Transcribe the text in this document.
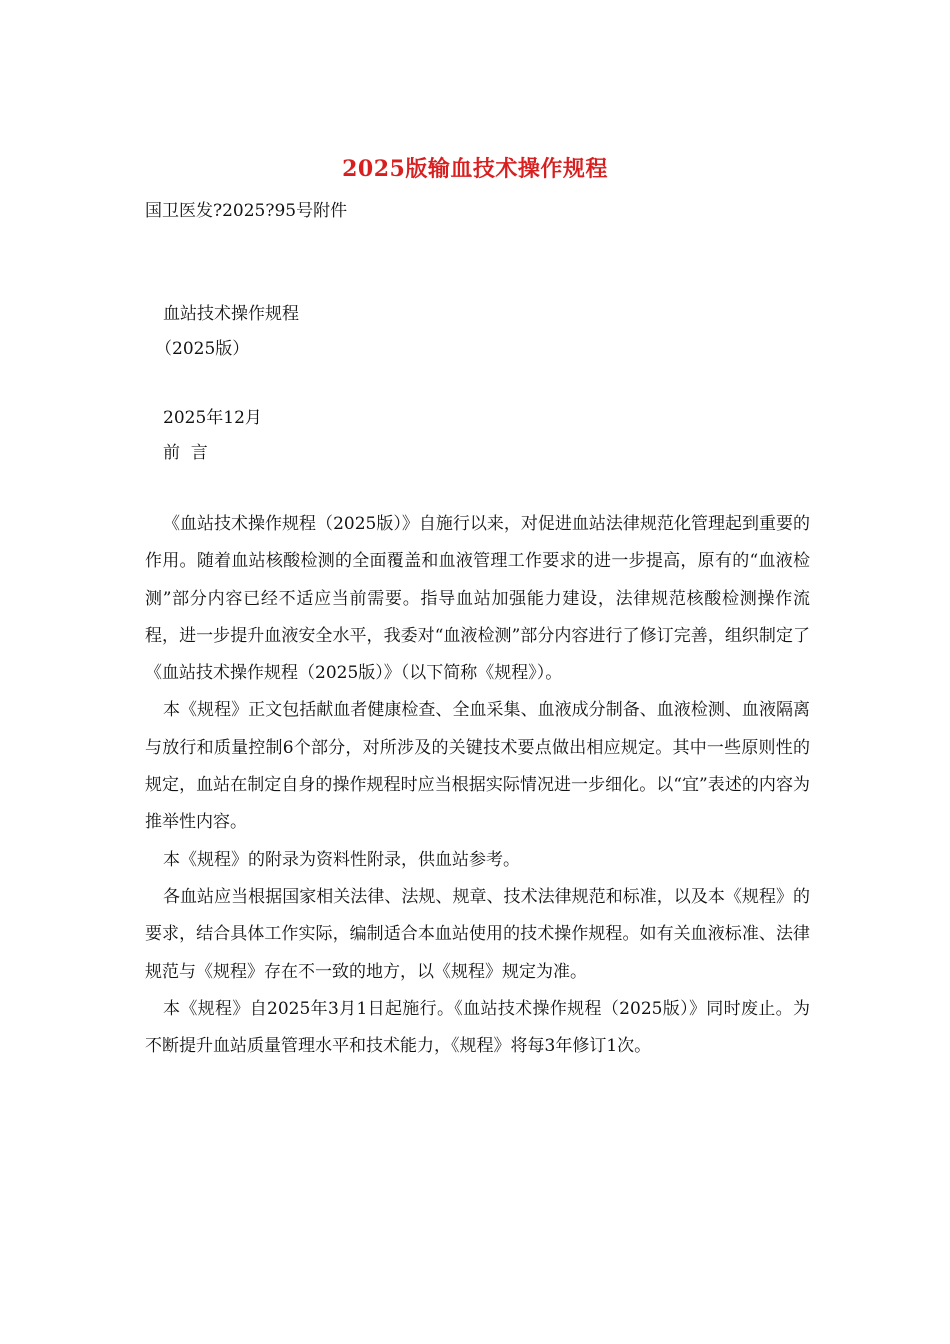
2025版输血技术操作规程
国卫医发?2025?95号附件
血站技术操作规程
（2025版）
2025年12月
前  言

《血站技术操作规程（2025版）》自施行以来，对促进血站法律规范化管理起到重要的作用。随着血站核酸检测的全面覆盖和血液管理工作要求的进一步提高，原有的“血液检测”部分内容已经不适应当前需要。指导血站加强能力建设，法律规范核酸检测操作流程，进一步提升血液安全水平，我委对“血液检测”部分内容进行了修订完善，组织制定了《血站技术操作规程（2025版）》（以下简称《规程》）。

本《规程》正文包括献血者健康检查、全血采集、血液成分制备、血液检测、血液隔离与放行和质量控制6个部分，对所涉及的关键技术要点做出相应规定。其中一些原则性的规定，血站在制定自身的操作规程时应当根据实际情况进一步细化。以“宜”表述的内容为推举性内容。

本《规程》的附录为资料性附录，供血站参考。

各血站应当根据国家相关法律、法规、规章、技术法律规范和标准，以及本《规程》的要求，结合具体工作实际，编制适合本血站使用的技术操作规程。如有关血液标准、法律规范与《规程》存在不一致的地方，以《规程》规定为准。

本《规程》自2025年3月1日起施行。《血站技术操作规程（2025版）》同时废止。为不断提升血站质量管理水平和技术能力，《规程》将每3年修订1次。
